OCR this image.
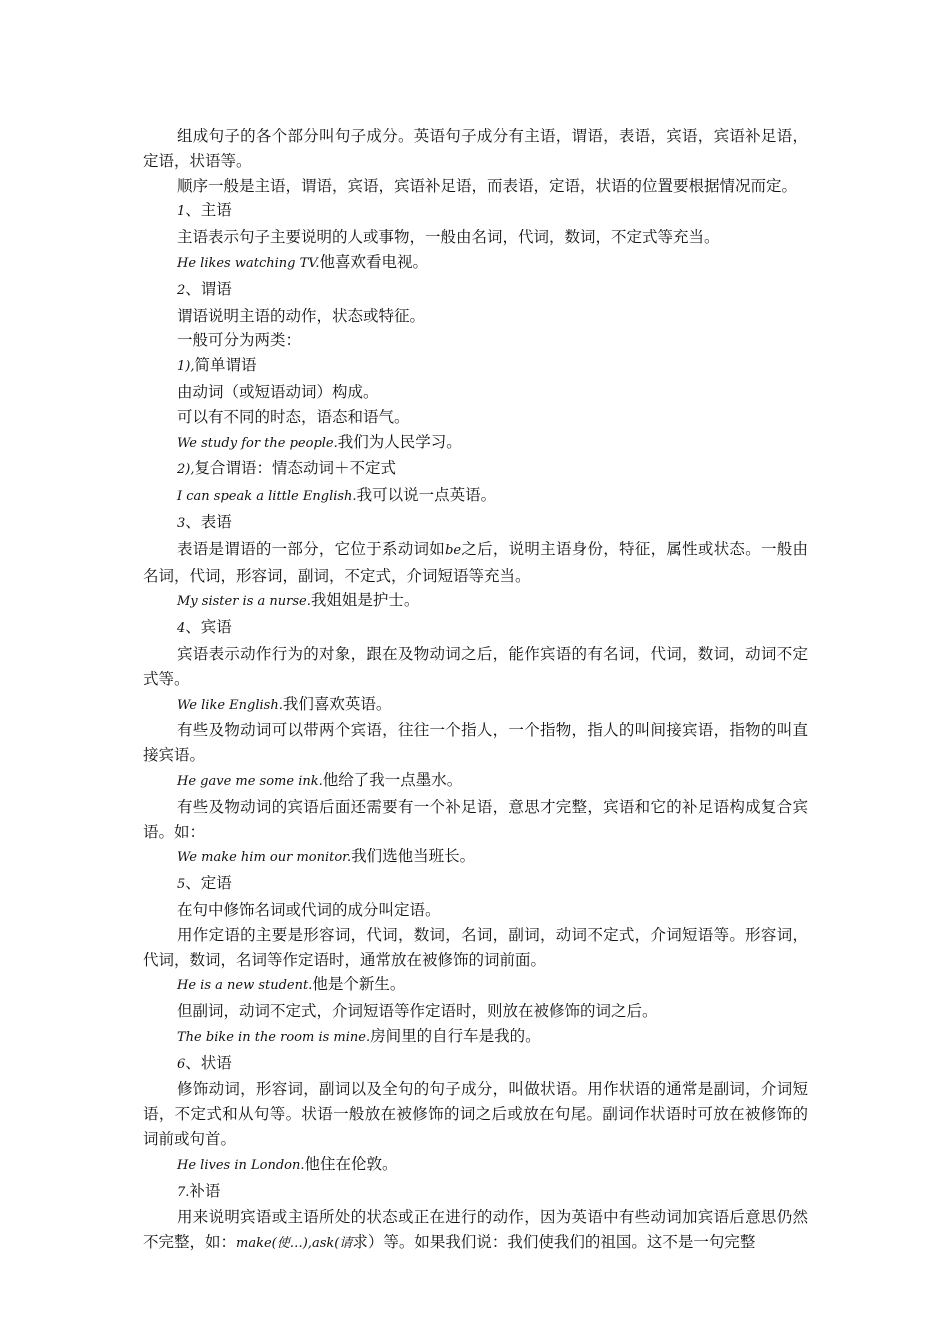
组成句子的各个部分叫句子成分。英语句子成分有主语，谓语，表语，宾语，宾语补足语，定语，状语等。

顺序一般是主语，谓语，宾语，宾语补足语，而表语，定语，状语的位置要根据情况而定。

1、主语

主语表示句子主要说明的人或事物，一般由名词，代词，数词，不定式等充当。

He likes watching TV.他喜欢看电视。

2、谓语

谓语说明主语的动作，状态或特征。

一般可分为两类：

1),简单谓语

由动词（或短语动词）构成。

可以有不同的时态，语态和语气。

We study for the people.我们为人民学习。

2),复合谓语：情态动词＋不定式

I can speak a little English.我可以说一点英语。

3、表语

表语是谓语的一部分，它位于系动词如be之后，说明主语身份，特征，属性或状态。一般由名词，代词，形容词，副词，不定式，介词短语等充当。

My sister is a nurse.我姐姐是护士。

4、宾语

宾语表示动作行为的对象，跟在及物动词之后，能作宾语的有名词，代词，数词，动词不定式等。

We like English.我们喜欢英语。

有些及物动词可以带两个宾语，往往一个指人，一个指物，指人的叫间接宾语，指物的叫直接宾语。

He gave me some ink.他给了我一点墨水。

有些及物动词的宾语后面还需要有一个补足语，意思才完整，宾语和它的补足语构成复合宾语。如：

We make him our monitor.我们选他当班长。

5、定语

在句中修饰名词或代词的成分叫定语。

用作定语的主要是形容词，代词，数词，名词，副词，动词不定式，介词短语等。形容词，代词，数词，名词等作定语时，通常放在被修饰的词前面。

He is a new student.他是个新生。

但副词，动词不定式，介词短语等作定语时，则放在被修饰的词之后。

The bike in the room is mine.房间里的自行车是我的。

6、状语

修饰动词，形容词，副词以及全句的句子成分，叫做状语。用作状语的通常是副词，介词短语，不定式和从句等。状语一般放在被修饰的词之后或放在句尾。副词作状语时可放在被修饰的词前或句首。

He lives in London.他住在伦敦。

7.补语

用来说明宾语或主语所处的状态或正在进行的动作，因为英语中有些动词加宾语后意思仍然不完整，如：make(使…),ask(请求）等。如果我们说：我们使我们的祖国。这不是一句完整
